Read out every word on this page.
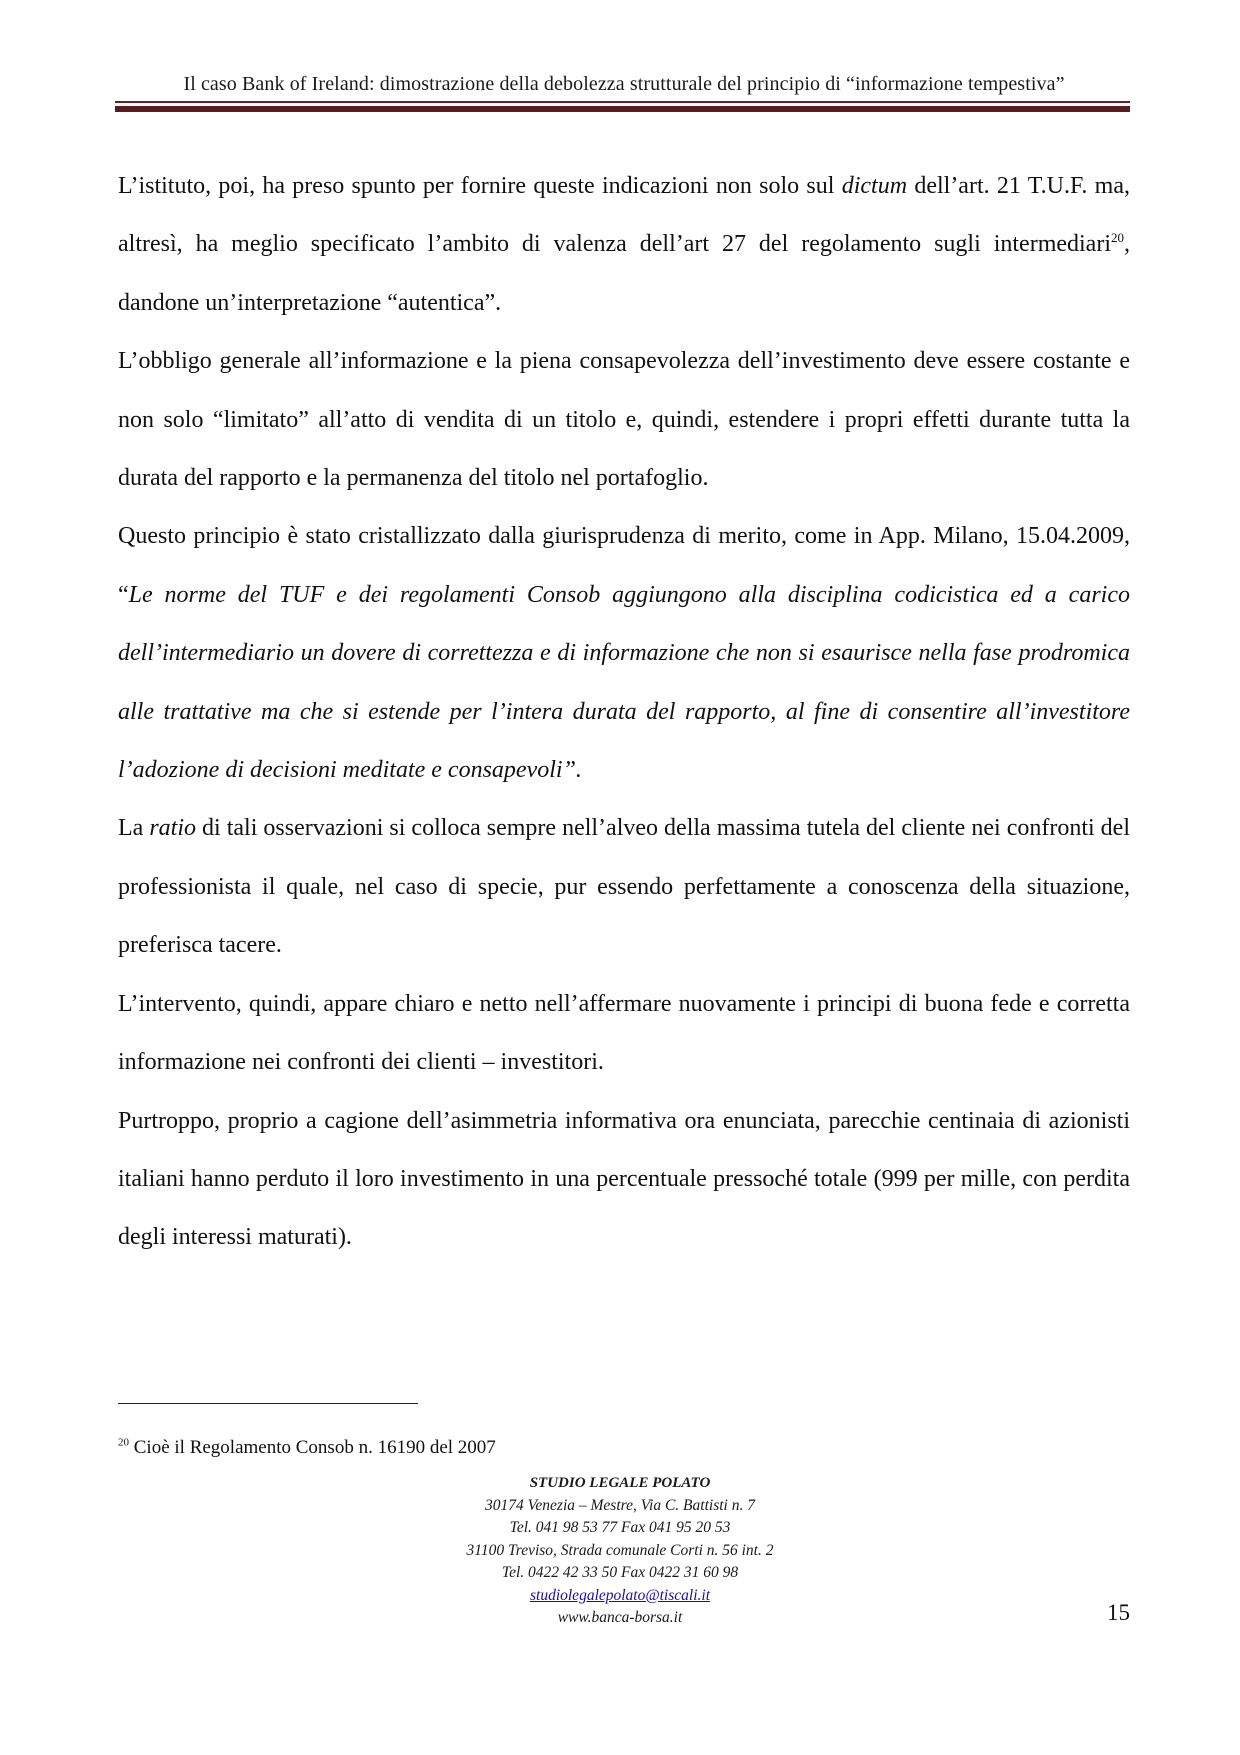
Il caso Bank of Ireland: dimostrazione della debolezza strutturale del principio di “informazione tempestiva”

L’istituto, poi, ha preso spunto per fornire queste indicazioni non solo sul dictum dell’art. 21 T.U.F. ma, altresì, ha meglio specificato l’ambito di valenza dell’art 27 del regolamento sugli intermediari$^{20}$, dandone un’interpretazione “autentica”.

L’obbligo generale all’informazione e la piena consapevolezza dell’investimento deve essere costante e non solo “limitato” all’atto di vendita di un titolo e, quindi, estendere i propri effetti durante tutta la durata del rapporto e la permanenza del titolo nel portafoglio.

Questo principio è stato cristallizzato dalla giurisprudenza di merito, come in App. Milano, 15.04.2009, “Le norme del TUF e dei regolamenti Consob aggiungono alla disciplina codicistica ed a carico dell’intermediario un dovere di correttezza e di informazione che non si esaurisce nella fase prodromica alle trattative ma che si estende per l’intera durata del rapporto, al fine di consentire all’investitore l’adozione di decisioni meditate e consapevoli”.

La ratio di tali osservazioni si colloca sempre nell’alveo della massima tutela del cliente nei confronti del professionista il quale, nel caso di specie, pur essendo perfettamente a conoscenza della situazione, preferisca tacere.

L’intervento, quindi, appare chiaro e netto nell’affermare nuovamente i principi di buona fede e corretta informazione nei confronti dei clienti – investitori.

Purtroppo, proprio a cagione dell’asimmetria informativa ora enunciata, parecchie centinaia di azionisti italiani hanno perduto il loro investimento in una percentuale pressoché totale (999 per mille, con perdita degli interessi maturati).

$^{20}$ Cioè il Regolamento Consob n. 16190 del 2007
STUDIO LEGALE POLATO
30174 Venezia – Mestre, Via C. Battisti n. 7
Tel. 041 98 53 77 Fax 041 95 20 53
31100 Treviso, Strada comunale Corti n. 56 int. 2
Tel. 0422 42 33 50 Fax 0422 31 60 98
studiolegalepolato@tiscali.it
www.banca-borsa.it	15
